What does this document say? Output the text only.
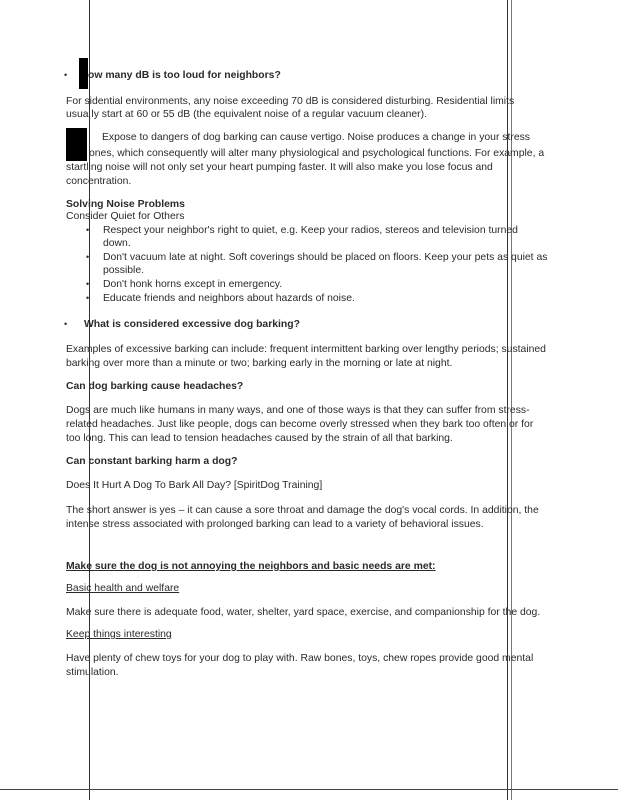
• ow many dB is too loud for neighbors?
For sidential environments, any noise exceeding 70 dB is considered disturbing. Residential limits
usua ly start at 60 or 55 dB (the equivalent noise of a regular vacuum cleaner).
Expose to dangers of dog barking can cause vertigo. Noise produces a change in your stress
ones, which consequently will alter many physiological and psychological functions. For example, a
startling noise will not only set your heart pumping faster. It will also make you lose focus and
concentration.
Solving Noise Problems
Consider Quiet for Others
• Respect your neighbor's right to quiet, e.g. Keep your radios, stereos and television turned
down.
• Don't vacuum late at night. Soft coverings should be placed on floors. Keep your pets as quiet as
possible.
• Don't honk horns except in emergency.
• Educate friends and neighbors about hazards of noise.
• What is considered excessive dog barking?
Examples of excessive barking can include: frequent intermittent barking over lengthy periods; sustained
barking over more than a minute or two; barking early in the morning or late at night.
Can dog barking cause headaches?
Dogs are much like humans in many ways, and one of those ways is that they can suffer from stress-
related headaches. Just like people, dogs can become overly stressed when they bark too often or for
too long. This can lead to tension headaches caused by the strain of all that barking.
Can constant barking harm a dog?
Does It Hurt A Dog To Bark All Day? [SpiritDog Training]
The short answer is yes – it can cause a sore throat and damage the dog's vocal cords. In addition, the
intense stress associated with prolonged barking can lead to a variety of behavioral issues.
Make sure the dog is not annoying the neighbors and basic needs are met:
Basic health and welfare
Make sure there is adequate food, water, shelter, yard space, exercise, and companionship for the dog.
Keep things interesting
Have plenty of chew toys for your dog to play with. Raw bones, toys, chew ropes provide good mental
stimulation.
